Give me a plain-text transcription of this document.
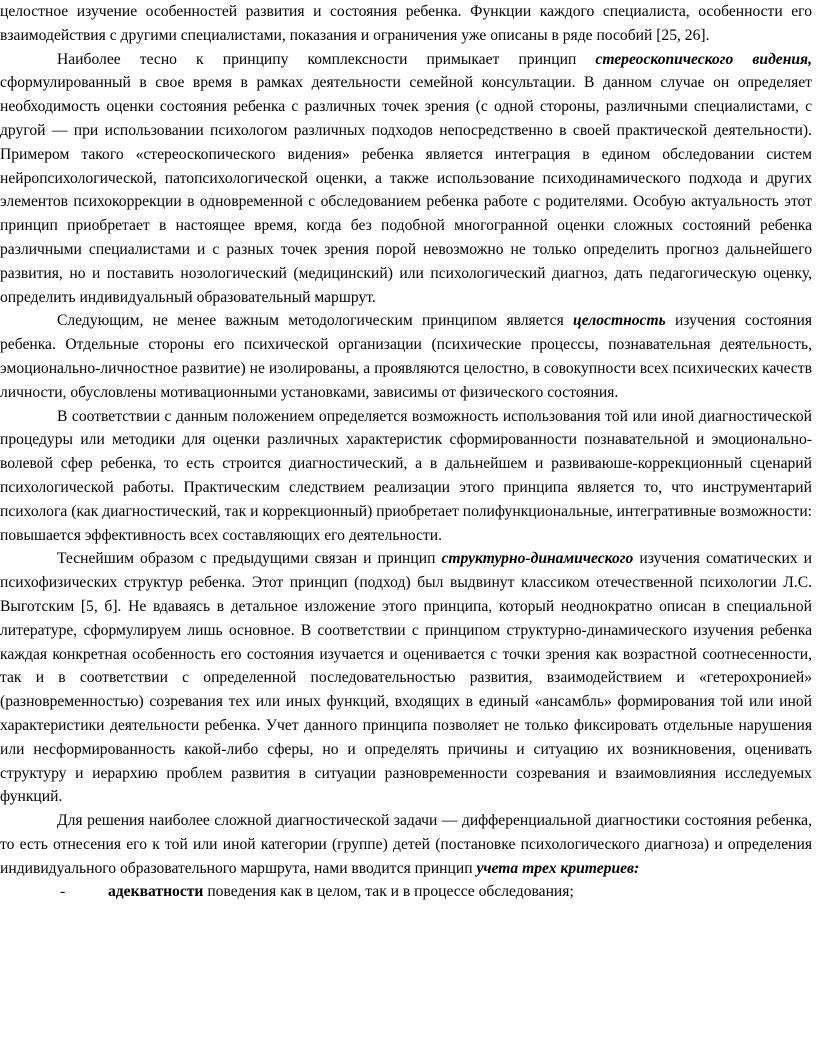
целостное изучение особенностей развития и состояния ребенка. Функции каждого специалиста, особенности его взаимодействия с другими специалистами, показания и ограничения уже описаны в ряде пособий [25, 26].

Наиболее тесно к принципу комплексности примыкает принцип стереоскопического видения, сформулированный в свое время в рамках деятельности семейной консультации. В данном случае он определяет необходимость оценки состояния ребенка с различных точек зрения (с одной стороны, различными специалистами, с другой — при использовании психологом различных подходов непосредственно в своей практической деятельности). Примером такого «стереоскопического видения» ребенка является интеграция в едином обследовании систем нейропсихологической, патопсихологической оценки, а также использование психодинамического подхода и других элементов психокоррекции в одновременной с обследованием ребенка работе с родителями. Особую актуальность этот принцип приобретает в настоящее время, когда без подобной многогранной оценки сложных состояний ребенка различными специалистами и с разных точек зрения порой невозможно не только определить прогноз дальнейшего развития, но и поставить нозологический (медицинский) или психологический диагноз, дать педагогическую оценку, определить индивидуальный образовательный маршрут.

Следующим, не менее важным методологическим принципом является целостность изучения состояния ребенка. Отдельные стороны его психической организации (психические процессы, познавательная деятельность, эмоционально-личностное развитие) не изолированы, а проявляются целостно, в совокупности всех психических качеств личности, обусловлены мотивационными установками, зависимы от физического состояния.

В соответствии с данным положением определяется возможность использования той или иной диагностической процедуры или методики для оценки различных характеристик сформированности познавательной и эмоционально-волевой сфер ребенка, то есть строится диагностический, а в дальнейшем и развиваюше-коррекционный сценарий психологической работы. Практическим следствием реализации этого принципа является то, что инструментарий психолога (как диагностический, так и коррекционный) приобретает полифункциональные, интегративные возможности: повышается эффективность всех составляющих его деятельности.

Теснейшим образом с предыдущими связан и принцип структурно-динамического изучения соматических и психофизических структур ребенка. Этот принцип (подход) был выдвинут классиком отечественной психологии Л.С. Выготским [5, б]. Не вдаваясь в детальное изложение этого принципа, который неоднократно описан в специальной литературе, сформулируем лишь основное. В соответствии с принципом структурно-динамического изучения ребенка каждая конкретная особенность его состояния изучается и оценивается с точки зрения как возрастной соотнесенности, так и в соответствии с определенной последовательностью развития, взаимодействием и «гетерохронией» (разновременностью) созревания тех или иных функций, входящих в единый «ансамбль» формирования той или иной характеристики деятельности ребенка. Учет данного принципа позволяет не только фиксировать отдельные нарушения или несформированность какой-либо сферы, но и определять причины и ситуацию их возникновения, оценивать структуру и иерархию проблем развития в ситуации разновременности созревания и взаимовлияния исследуемых функций.

Для решения наиболее сложной диагностической задачи — дифференциальной диагностики состояния ребенка, то есть отнесения его к той или иной категории (группе) детей (постановке психологического диагноза) и определения индивидуального образовательного маршрута, нами вводится принцип учета трех критериев:

-	адекватности поведения как в целом, так и в процессе обследования;
